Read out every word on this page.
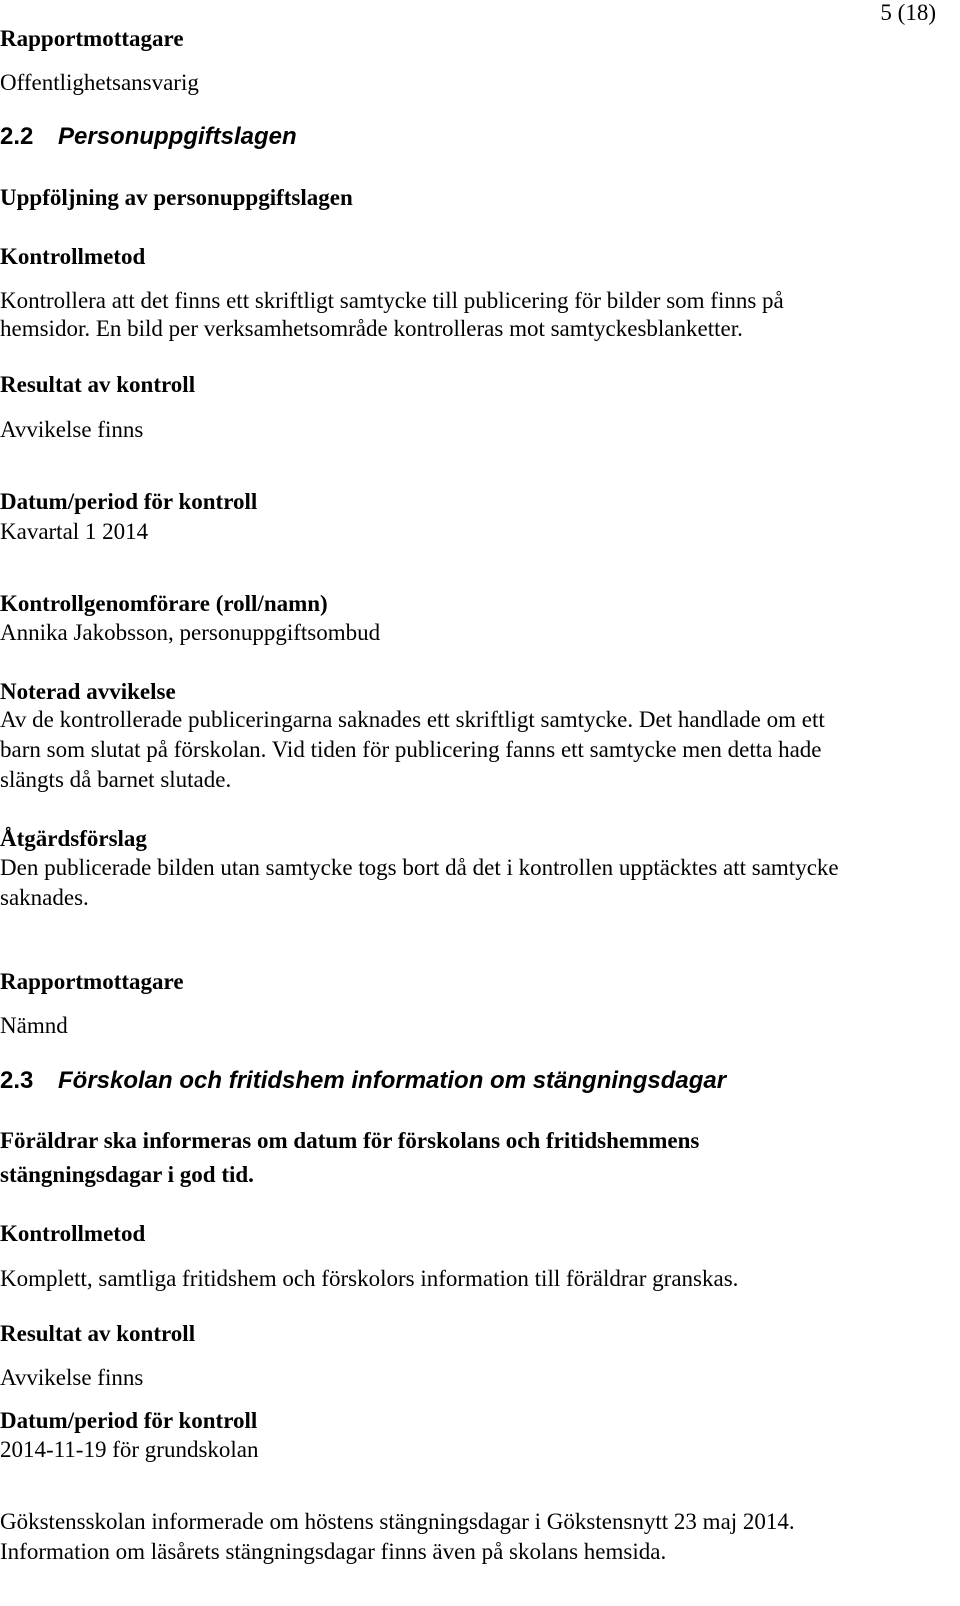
5 (18)

Rapportmottagare

Offentlighetsansvarig

2.2 Personuppgiftslagen

Uppföljning av personuppgiftslagen

Kontrollmetod

Kontrollera att det finns ett skriftligt samtycke till publicering för bilder som finns på

hemsidor. En bild per verksamhetsområde kontrolleras mot samtyckesblanketter.

Resultat av kontroll

Avvikelse finns

Datum/period för kontroll

Kavartal 1 2014

Kontrollgenomförare (roll/namn)

Annika Jakobsson, personuppgiftsombud

Noterad avvikelse

Av de kontrollerade publiceringarna saknades ett skriftligt samtycke. Det handlade om ett

barn som slutat på förskolan. Vid tiden för publicering fanns ett samtycke men detta hade

slängts då barnet slutade.

Åtgärdsförslag

Den publicerade bilden utan samtycke togs bort då det i kontrollen upptäcktes att samtycke

saknades.

Rapportmottagare

Nämnd

2.3 Förskolan och fritidshem information om stängningsdagar

Föräldrar ska informeras om datum för förskolans och fritidshemmens

stängningsdagar i god tid.

Kontrollmetod

Komplett, samtliga fritidshem och förskolors information till föräldrar granskas.

Resultat av kontroll

Avvikelse finns

Datum/period för kontroll

2014-11-19 för grundskolan

Gökstensskolan informerade om höstens stängningsdagar i Gökstensnytt 23 maj 2014.

Information om läsårets stängningsdagar finns även på skolans hemsida.
